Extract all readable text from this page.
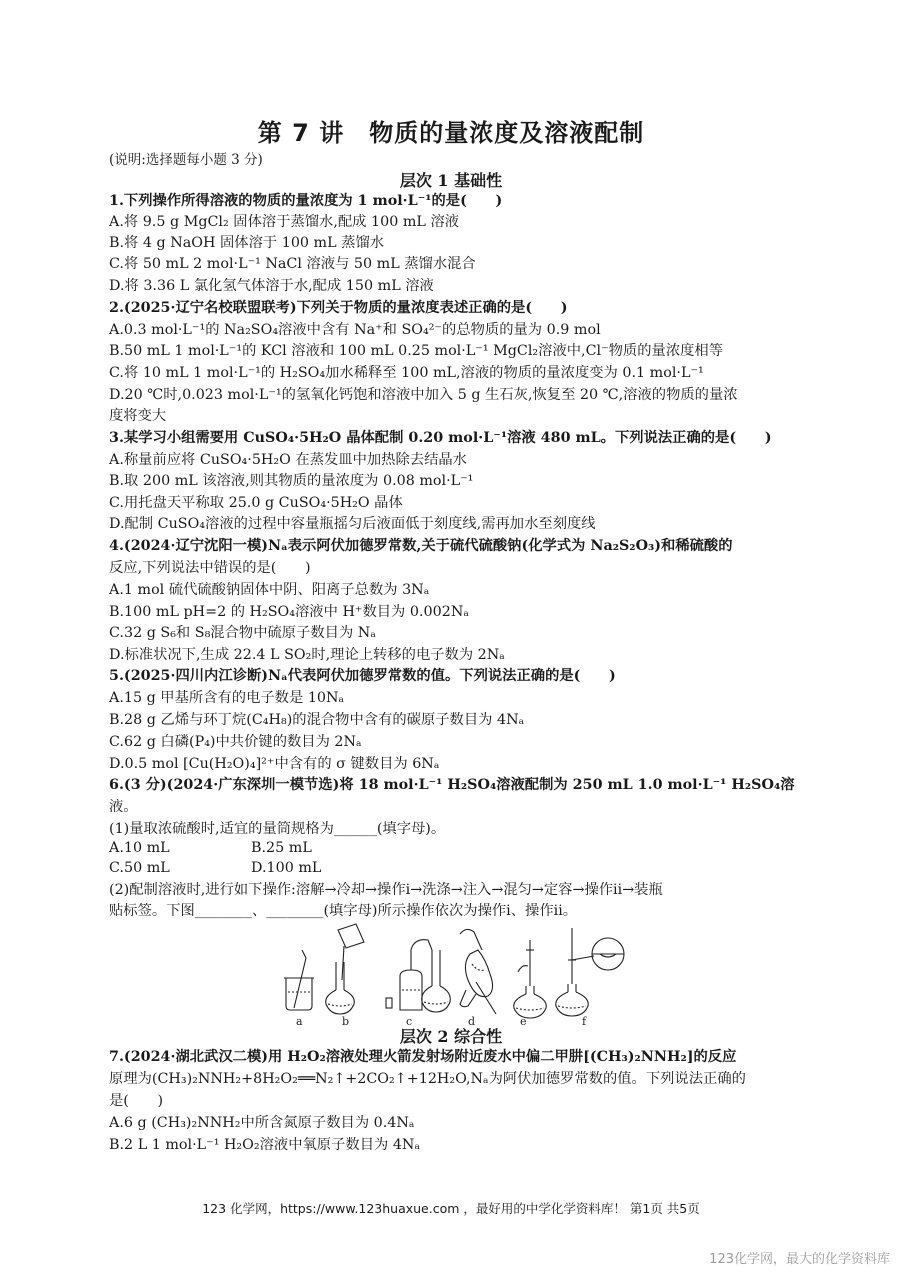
第 7 讲　物质的量浓度及溶液配制
(说明:选择题每小题 3 分)
层次 1 基础性
1.下列操作所得溶液的物质的量浓度为 1 mol·L⁻¹的是(　　)
A.将 9.5 g MgCl₂ 固体溶于蒸馏水,配成 100 mL 溶液
B.将 4 g NaOH 固体溶于 100 mL 蒸馏水
C.将 50 mL 2 mol·L⁻¹ NaCl 溶液与 50 mL 蒸馏水混合
D.将 3.36 L 氯化氢气体溶于水,配成 150 mL 溶液
2.(2025·辽宁名校联盟联考)下列关于物质的量浓度表述正确的是(　　)
A.0.3 mol·L⁻¹的 Na₂SO₄溶液中含有 Na⁺和 SO₄²⁻的总物质的量为 0.9 mol
B.50 mL 1 mol·L⁻¹的 KCl 溶液和 100 mL 0.25 mol·L⁻¹ MgCl₂溶液中,Cl⁻物质的量浓度相等
C.将 10 mL 1 mol·L⁻¹的 H₂SO₄加水稀释至 100 mL,溶液的物质的量浓度变为 0.1 mol·L⁻¹
D.20 ℃时,0.023 mol·L⁻¹的氢氧化钙饱和溶液中加入 5 g 生石灰,恢复至 20 ℃,溶液的物质的量浓
度将变大
3.某学习小组需要用 CuSO₄·5H₂O 晶体配制 0.20 mol·L⁻¹溶液 480 mL。下列说法正确的是(　　)
A.称量前应将 CuSO₄·5H₂O 在蒸发皿中加热除去结晶水
B.取 200 mL 该溶液,则其物质的量浓度为 0.08 mol·L⁻¹
C.用托盘天平称取 25.0 g CuSO₄·5H₂O 晶体
D.配制 CuSO₄溶液的过程中容量瓶摇匀后液面低于刻度线,需再加水至刻度线
4.(2024·辽宁沈阳一模)Nₐ表示阿伏加德罗常数,关于硫代硫酸钠(化学式为 Na₂S₂O₃)和稀硫酸的
反应,下列说法中错误的是(　　)
A.1 mol 硫代硫酸钠固体中阴、阳离子总数为 3Nₐ
B.100 mL pH=2 的 H₂SO₄溶液中 H⁺数目为 0.002Nₐ
C.32 g S₆和 S₈混合物中硫原子数目为 Nₐ
D.标准状况下,生成 22.4 L SO₂时,理论上转移的电子数为 2Nₐ
5.(2025·四川内江诊断)Nₐ代表阿伏加德罗常数的值。下列说法正确的是(　　)
A.15 g 甲基所含有的电子数是 10Nₐ
B.28 g 乙烯与环丁烷(C₄H₈)的混合物中含有的碳原子数目为 4Nₐ
C.62 g 白磷(P₄)中共价键的数目为 2Nₐ
D.0.5 mol [Cu(H₂O)₄]²⁺中含有的 σ 键数目为 6Nₐ
6.(3 分)(2024·广东深圳一模节选)将 18 mol·L⁻¹ H₂SO₄溶液配制为 250 mL 1.0 mol·L⁻¹ H₂SO₄溶
液。
(1)量取浓硫酸时,适宜的量筒规格为______(填字母)。
A.10 mL	B.25 mL
C.50 mL	D.100 mL
(2)配制溶液时,进行如下操作:溶解→冷却→操作ⅰ→洗涤→注入→混匀→定容→操作ⅱ→装瓶
贴标签。下图________、________(填字母)所示操作依次为操作ⅰ、操作ⅱ。
a	b	c	d	e	f
层次 2 综合性
7.(2024·湖北武汉二模)用 H₂O₂溶液处理火箭发射场附近废水中偏二甲肼[(CH₃)₂NNH₂]的反应
原理为(CH₃)₂NNH₂+8H₂O₂══N₂↑+2CO₂↑+12H₂O,Nₐ为阿伏加德罗常数的值。下列说法正确的
是(　　)
A.6 g (CH₃)₂NNH₂中所含氮原子数目为 0.4Nₐ
B.2 L 1 mol·L⁻¹ H₂O₂溶液中氧原子数目为 4Nₐ
123 化学网，https://www.123huaxue.com ，最好用的中学化学资料库！ 第1页 共5页
123化学网，最大的化学资料库
